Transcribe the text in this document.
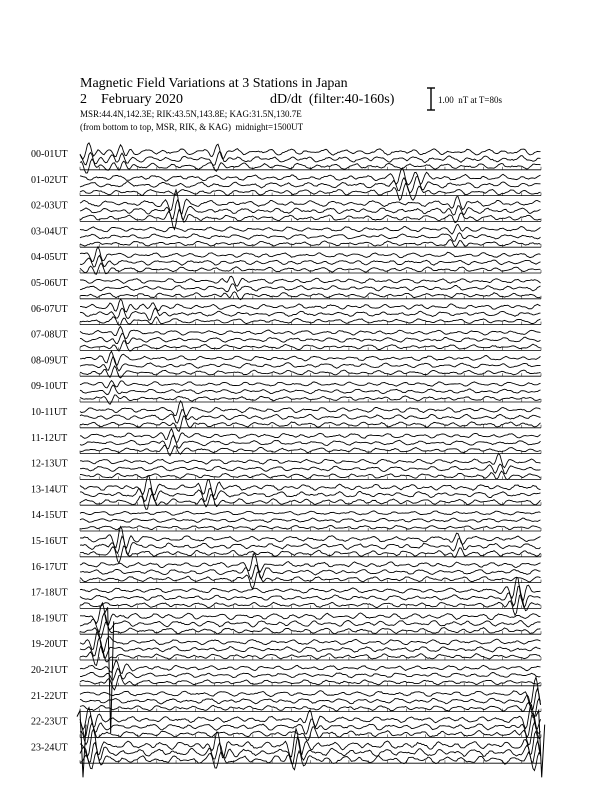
Magnetic Field Variations at 3 Stations in Japan
2    February 2020	dD/dt  (filter:40-160s)
MSR:44.4N,142.3E; RIK:43.5N,143.8E; KAG:31.5N,130.7E
(from bottom to top, MSR, RIK, & KAG)  midnight=1500UT
1.00  nT at T=80s
00-01UT
01-02UT
02-03UT
03-04UT
04-05UT
05-06UT
06-07UT
07-08UT
08-09UT
09-10UT
10-11UT
11-12UT
12-13UT
13-14UT
14-15UT
15-16UT
16-17UT
17-18UT
18-19UT
19-20UT
20-21UT
21-22UT
22-23UT
23-24UT
